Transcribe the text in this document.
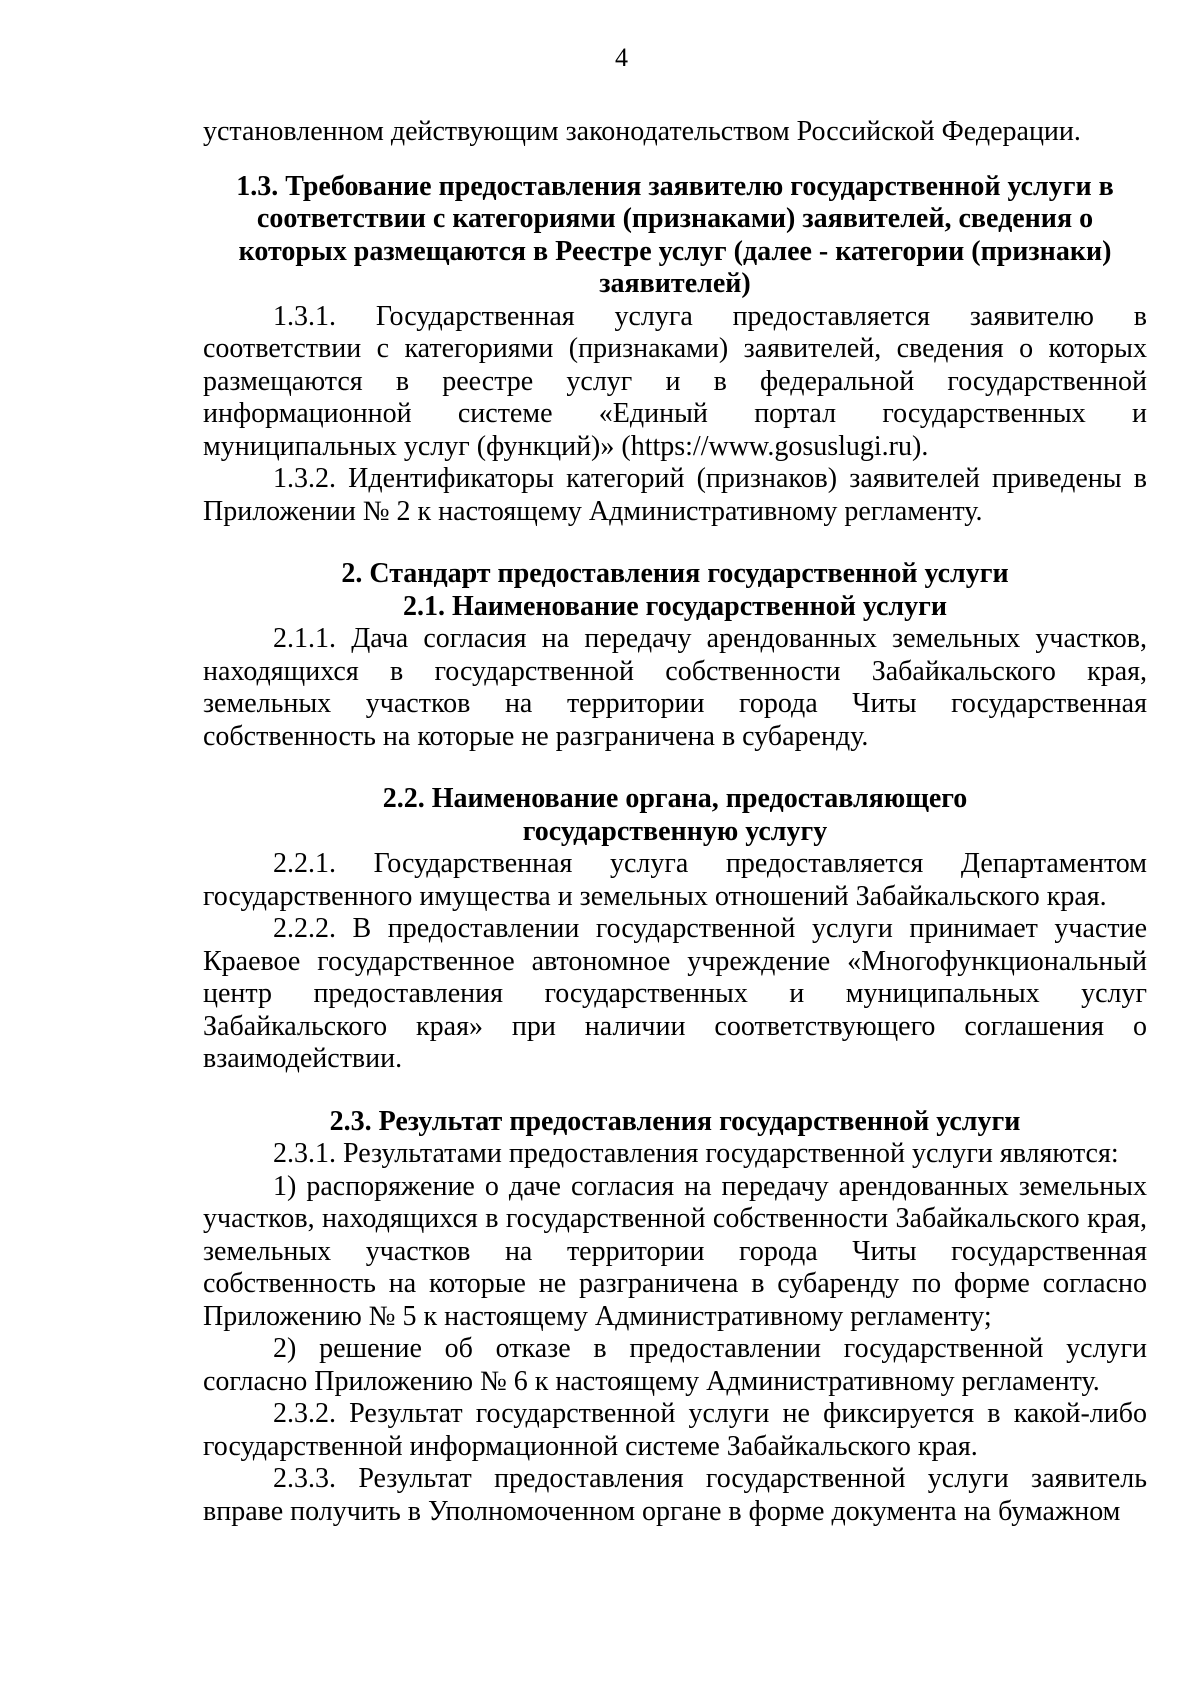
4

установленном действующим законодательством Российской Федерации.

1.3. Требование предоставления заявителю государственной услуги в соответствии с категориями (признаками) заявителей, сведения о которых размещаются в Реестре услуг (далее - категории (признаки) заявителей)

1.3.1. Государственная услуга предоставляется заявителю в соответствии с категориями (признаками) заявителей, сведения о которых размещаются в реестре услуг и в федеральной государственной информационной системе «Единый портал государственных и муниципальных услуг (функций)» (https://www.gosuslugi.ru).

1.3.2. Идентификаторы категорий (признаков) заявителей приведены в Приложении № 2 к настоящему Административному регламенту.

2. Стандарт предоставления государственной услуги

2.1. Наименование государственной услуги

2.1.1. Дача согласия на передачу арендованных земельных участков, находящихся в государственной собственности Забайкальского края, земельных участков на территории города Читы государственная собственность на которые не разграничена в субаренду.

2.2. Наименование органа, предоставляющего

государственную услугу

2.2.1. Государственная услуга предоставляется Департаментом государственного имущества и земельных отношений Забайкальского края.

2.2.2. В предоставлении государственной услуги принимает участие Краевое государственное автономное учреждение «Многофункциональный центр предоставления государственных и муниципальных услуг Забайкальского края» при наличии соответствующего соглашения о взаимодействии.

2.3. Результат предоставления государственной услуги

2.3.1. Результатами предоставления государственной услуги являются:

1) распоряжение о даче согласия на передачу арендованных земельных участков, находящихся в государственной собственности Забайкальского края, земельных участков на территории города Читы государственная собственность на которые не разграничена в субаренду по форме согласно Приложению № 5 к настоящему Административному регламенту;

2) решение об отказе в предоставлении государственной услуги согласно Приложению № 6 к настоящему Административному регламенту.

2.3.2. Результат государственной услуги не фиксируется в какой-либо государственной информационной системе Забайкальского края.

2.3.3. Результат предоставления государственной услуги заявитель вправе получить в Уполномоченном органе в форме документа на бумажном
